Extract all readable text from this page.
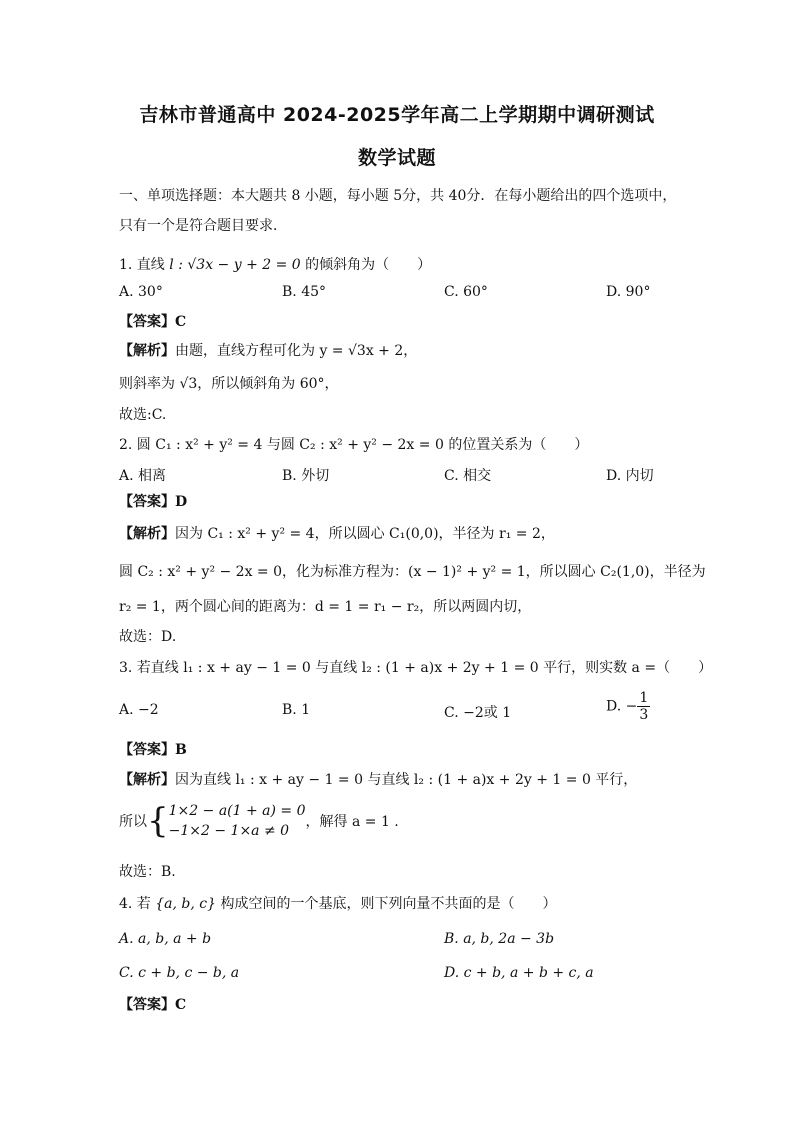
吉林市普通高中 2024-2025学年高二上学期期中调研测试
数学试题
一、单项选择题：本大题共 8 小题，每小题 5分，共 40分．在每小题给出的四个选项中，
只有一个是符合题目要求．
1. 直线 l : √3x − y + 2 = 0 的倾斜角为（　　）
A. 30°	B. 45°	C. 60°	D. 90°
【答案】C
【解析】由题，直线方程可化为 y = √3x + 2，
则斜率为 √3，所以倾斜角为 60°，
故选:C.
2. 圆 C₁ : x² + y² = 4 与圆 C₂ : x² + y² − 2x = 0 的位置关系为（　　）
A. 相离	B. 外切	C. 相交	D. 内切
【答案】D
【解析】因为 C₁ : x² + y² = 4，所以圆心 C₁(0,0)，半径为 r₁ = 2，
圆 C₂ : x² + y² − 2x = 0，化为标准方程为：(x − 1)² + y² = 1，所以圆心 C₂(1,0)，半径为
r₂ = 1，两个圆心间的距离为：d = 1 = r₁ − r₂，所以两圆内切，
故选：D.
3. 若直线 l₁ : x + ay − 1 = 0 与直线 l₂ : (1 + a)x + 2y + 1 = 0 平行，则实数 a =（　　）
A. −2	B. 1	C. −2或 1	D. − $\frac{1}{3}$
【答案】B
【解析】因为直线 l₁ : x + ay − 1 = 0 与直线 l₂ : (1 + a)x + 2y + 1 = 0 平行，
所以{ 1×2 − a(1 + a) = 0
−1×2 − 1×a ≠ 0
，解得 a = 1 .
故选：B.
4. 若 {a, b, c} 构成空间的一个基底，则下列向量不共面的是（　　）
A. a, b, a + b	B. a, b, 2a − 3b
C. c + b, c − b, a	D. c + b, a + b + c, a
【答案】C
